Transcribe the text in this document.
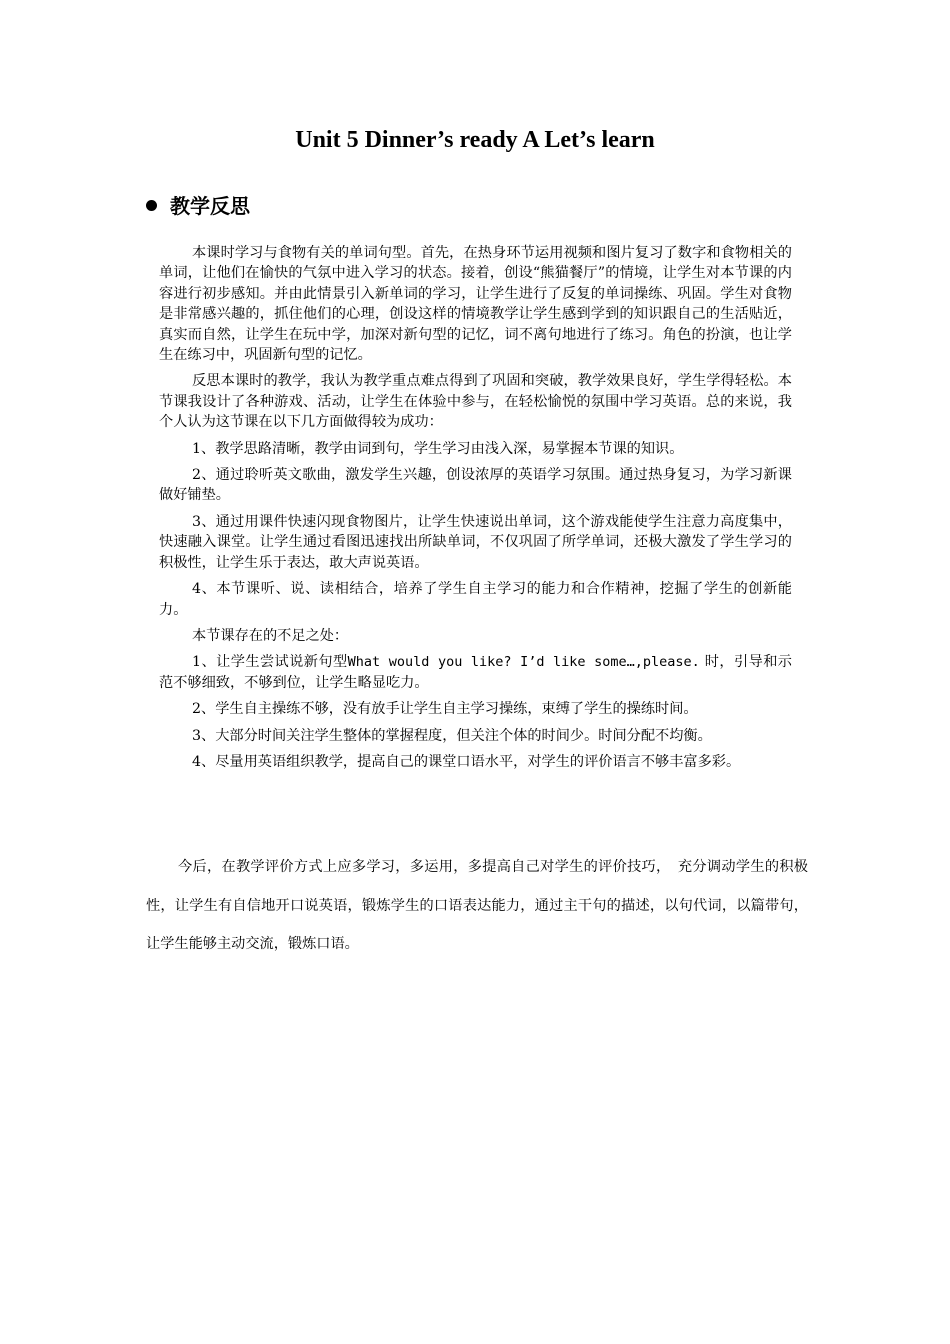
Unit 5 Dinner’s ready A Let’s learn
教学反思

本课时学习与食物有关的单词句型。首先，在热身环节运用视频和图片复习了数字和食物相关的单词，让他们在愉快的气氛中进入学习的状态。接着，创设“熊猫餐厅”的情境，让学生对本节课的内容进行初步感知。并由此情景引入新单词的学习，让学生进行了反复的单词操练、巩固。学生对食物是非常感兴趣的，抓住他们的心理，创设这样的情境教学让学生感到学到的知识跟自己的生活贴近，真实而自然，让学生在玩中学，加深对新句型的记忆，词不离句地进行了练习。角色的扮演，也让学生在练习中，巩固新句型的记忆。

反思本课时的教学，我认为教学重点难点得到了巩固和突破，教学效果良好，学生学得轻松。本节课我设计了各种游戏、活动，让学生在体验中参与，在轻松愉悦的氛围中学习英语。总的来说，我个人认为这节课在以下几方面做得较为成功：

1、教学思路清晰，教学由词到句，学生学习由浅入深，易掌握本节课的知识。

2、通过聆听英文歌曲，激发学生兴趣，创设浓厚的英语学习氛围。通过热身复习，为学习新课做好铺垫。

3、通过用课件快速闪现食物图片，让学生快速说出单词，这个游戏能使学生注意力高度集中，快速融入课堂。让学生通过看图迅速找出所缺单词，不仅巩固了所学单词，还极大激发了学生学习的积极性，让学生乐于表达，敢大声说英语。

4、本节课听、说、读相结合，培养了学生自主学习的能力和合作精神，挖掘了学生的创新能力。

本节课存在的不足之处：

1、让学生尝试说新句型What would you like? I’d like some…,please. 时，引导和示范不够细致，不够到位，让学生略显吃力。

2、学生自主操练不够，没有放手让学生自主学习操练，束缚了学生的操练时间。

3、大部分时间关注学生整体的掌握程度，但关注个体的时间少。时间分配不均衡。

4、尽量用英语组织教学，提高自己的课堂口语水平，对学生的评价语言不够丰富多彩。

今后，在教学评价方式上应多学习，多运用，多提高自己对学生的评价技巧，　充分调动学生的积极性，让学生有自信地开口说英语，锻炼学生的口语表达能力，通过主干句的描述，以句代词，以篇带句，让学生能够主动交流，锻炼口语。
